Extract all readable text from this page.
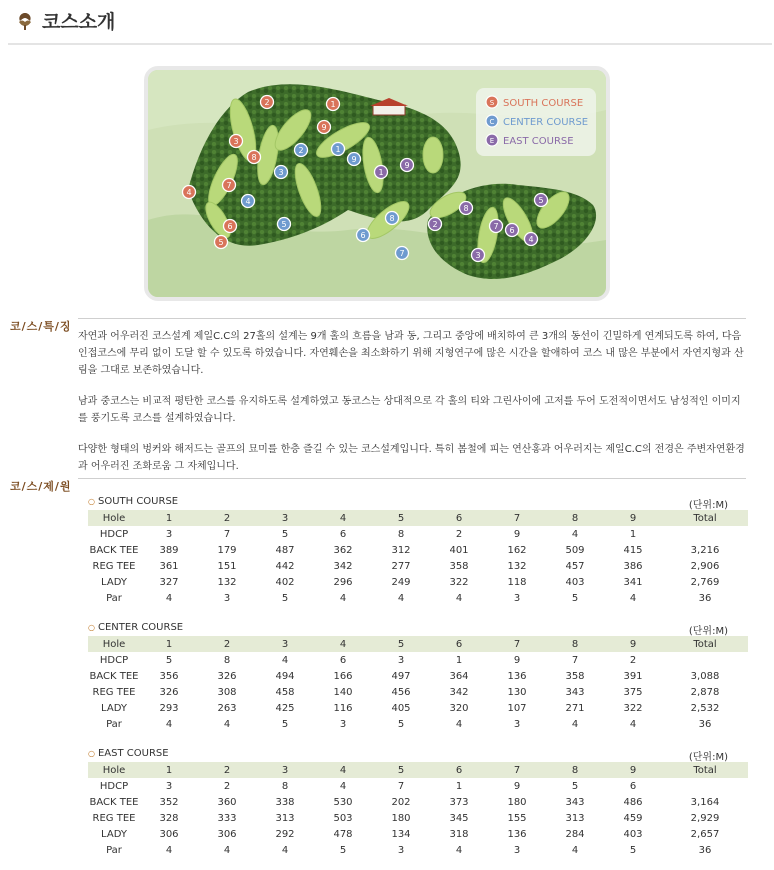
코스소개
S SOUTH COURSE
C CENTER COURSE
E EAST COURSE
1
2
3
4
5
6
7
8
9
1
2
3
4
5
6
7
8
9
1
2
3
4
5
6
7
8
9
코/스/특/징

자연과 어우러진 코스설계 제일C.C의 27홀의 설계는 9개 홀의 흐름을 남과 동, 그리고 중앙에 배치하여 큰 3개의 동선이 긴밀하게 연계되도록 하여, 다음 인접코스에 무리 없이 도달 할 수 있도록 하였습니다. 자연훼손을 최소화하기 위해 지형연구에 많은 시간을 할애하여 코스 내 많은 부분에서 자연지형과 산림을 그대로 보존하였습니다.

남과 중코스는 비교적 평탄한 코스를 유지하도록 설계하였고 동코스는 상대적으로 각 홀의 티와 그린사이에 고저를 두어 도전적이면서도 남성적인 이미지를 풍기도록 코스를 설계하였습니다.

다양한 형태의 벙커와 해저드는 골프의 묘미를 한층 즐길 수 있는 코스설계입니다. 특히 봄철에 피는 연산홍과 어우러지는 제일C.C의 전경은 주변자연환경과 어우러진 조화로움 그 자체입니다.

코/스/제/원
○ SOUTH COURSE	(단위:M)
Hole	1	2	3	4	5	6	7	8	9	Total
HDCP	3	7	5	6	8	2	9	4	1	
BACK TEE	389	179	487	362	312	401	162	509	415	3,216
REG TEE	361	151	442	342	277	358	132	457	386	2,906
LADY	327	132	402	296	249	322	118	403	341	2,769
Par	4	3	5	4	4	4	3	5	4	36
○ CENTER COURSE	(단위:M)
Hole	1	2	3	4	5	6	7	8	9	Total
HDCP	5	8	4	6	3	1	9	7	2	
BACK TEE	356	326	494	166	497	364	136	358	391	3,088
REG TEE	326	308	458	140	456	342	130	343	375	2,878
LADY	293	263	425	116	405	320	107	271	322	2,532
Par	4	4	5	3	5	4	3	4	4	36
○ EAST COURSE	(단위:M)
Hole	1	2	3	4	5	6	7	8	9	Total
HDCP	3	2	8	4	7	1	9	5	6	
BACK TEE	352	360	338	530	202	373	180	343	486	3,164
REG TEE	328	333	313	503	180	345	155	313	459	2,929
LADY	306	306	292	478	134	318	136	284	403	2,657
Par	4	4	4	5	3	4	3	4	5	36
